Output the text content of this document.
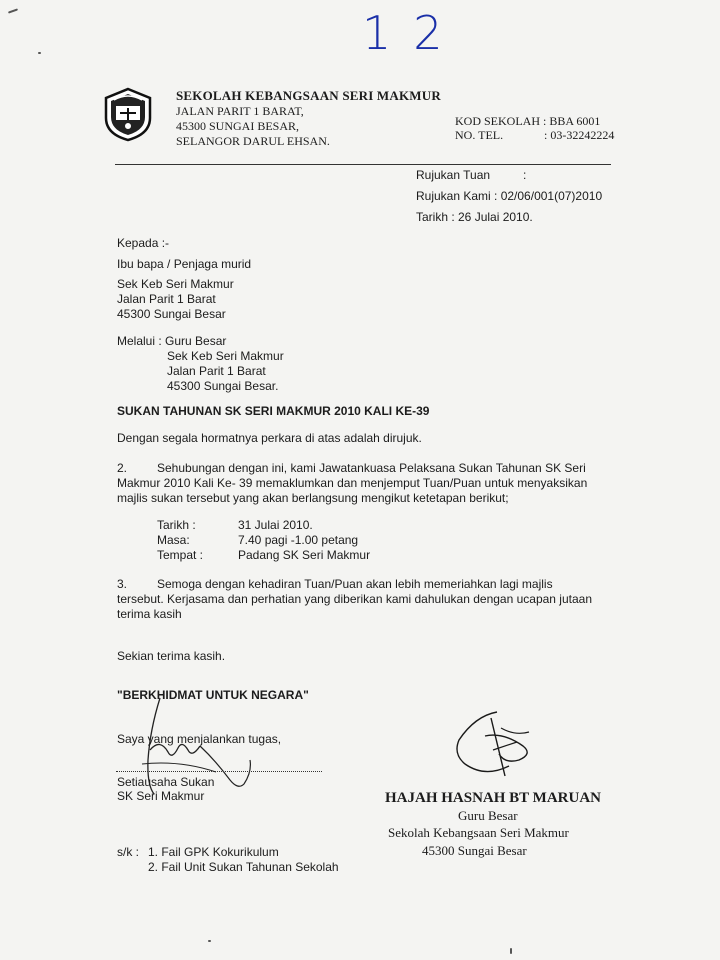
12
SEKOLAH KEBANGSAAN SERI MAKMUR
JALAN PARIT 1 BARAT,
45300 SUNGAI BESAR,
SELANGOR DARUL EHSAN.
KOD SEKOLAH : BBA 6001
NO. TEL.	: 03-32242224
Rujukan Tuan	:
Rujukan Kami : 02/06/001(07)2010
Tarikh : 26 Julai 2010.
Kepada :-
Ibu bapa / Penjaga murid
Sek Keb Seri Makmur
Jalan Parit 1 Barat
45300 Sungai Besar
Melalui : Guru Besar
Sek Keb Seri Makmur
Jalan Parit 1 Barat
45300 Sungai Besar.
SUKAN TAHUNAN SK SERI MAKMUR 2010 KALI KE-39
Dengan segala hormatnya perkara di atas adalah dirujuk.
2. Sehubungan dengan ini, kami Jawatankuasa Pelaksana Sukan Tahunan SK Seri
Makmur 2010 Kali Ke- 39 memaklumkan dan menjemput Tuan/Puan untuk menyaksikan
majlis sukan tersebut yang akan berlangsung mengikut ketetapan berikut;
Tarikh :	31 Julai 2010.
Masa:	7.40 pagi -1.00 petang
Tempat :	Padang SK Seri Makmur
3. Semoga dengan kehadiran Tuan/Puan akan lebih memeriahkan lagi majlis
tersebut. Kerjasama dan perhatian yang diberikan kami dahulukan dengan ucapan jutaan
terima kasih
Sekian terima kasih.
"BERKHIDMAT UNTUK NEGARA"
Saya yang menjalankan tugas,
Setiausaha Sukan
SK Seri Makmur	HAJAH HASNAH BT MARUAN
Guru Besar
Sekolah Kebangsaan Seri Makmur
45300 Sungai Besar
s/k : 1. Fail GPK Kokurikulum
2. Fail Unit Sukan Tahunan Sekolah
